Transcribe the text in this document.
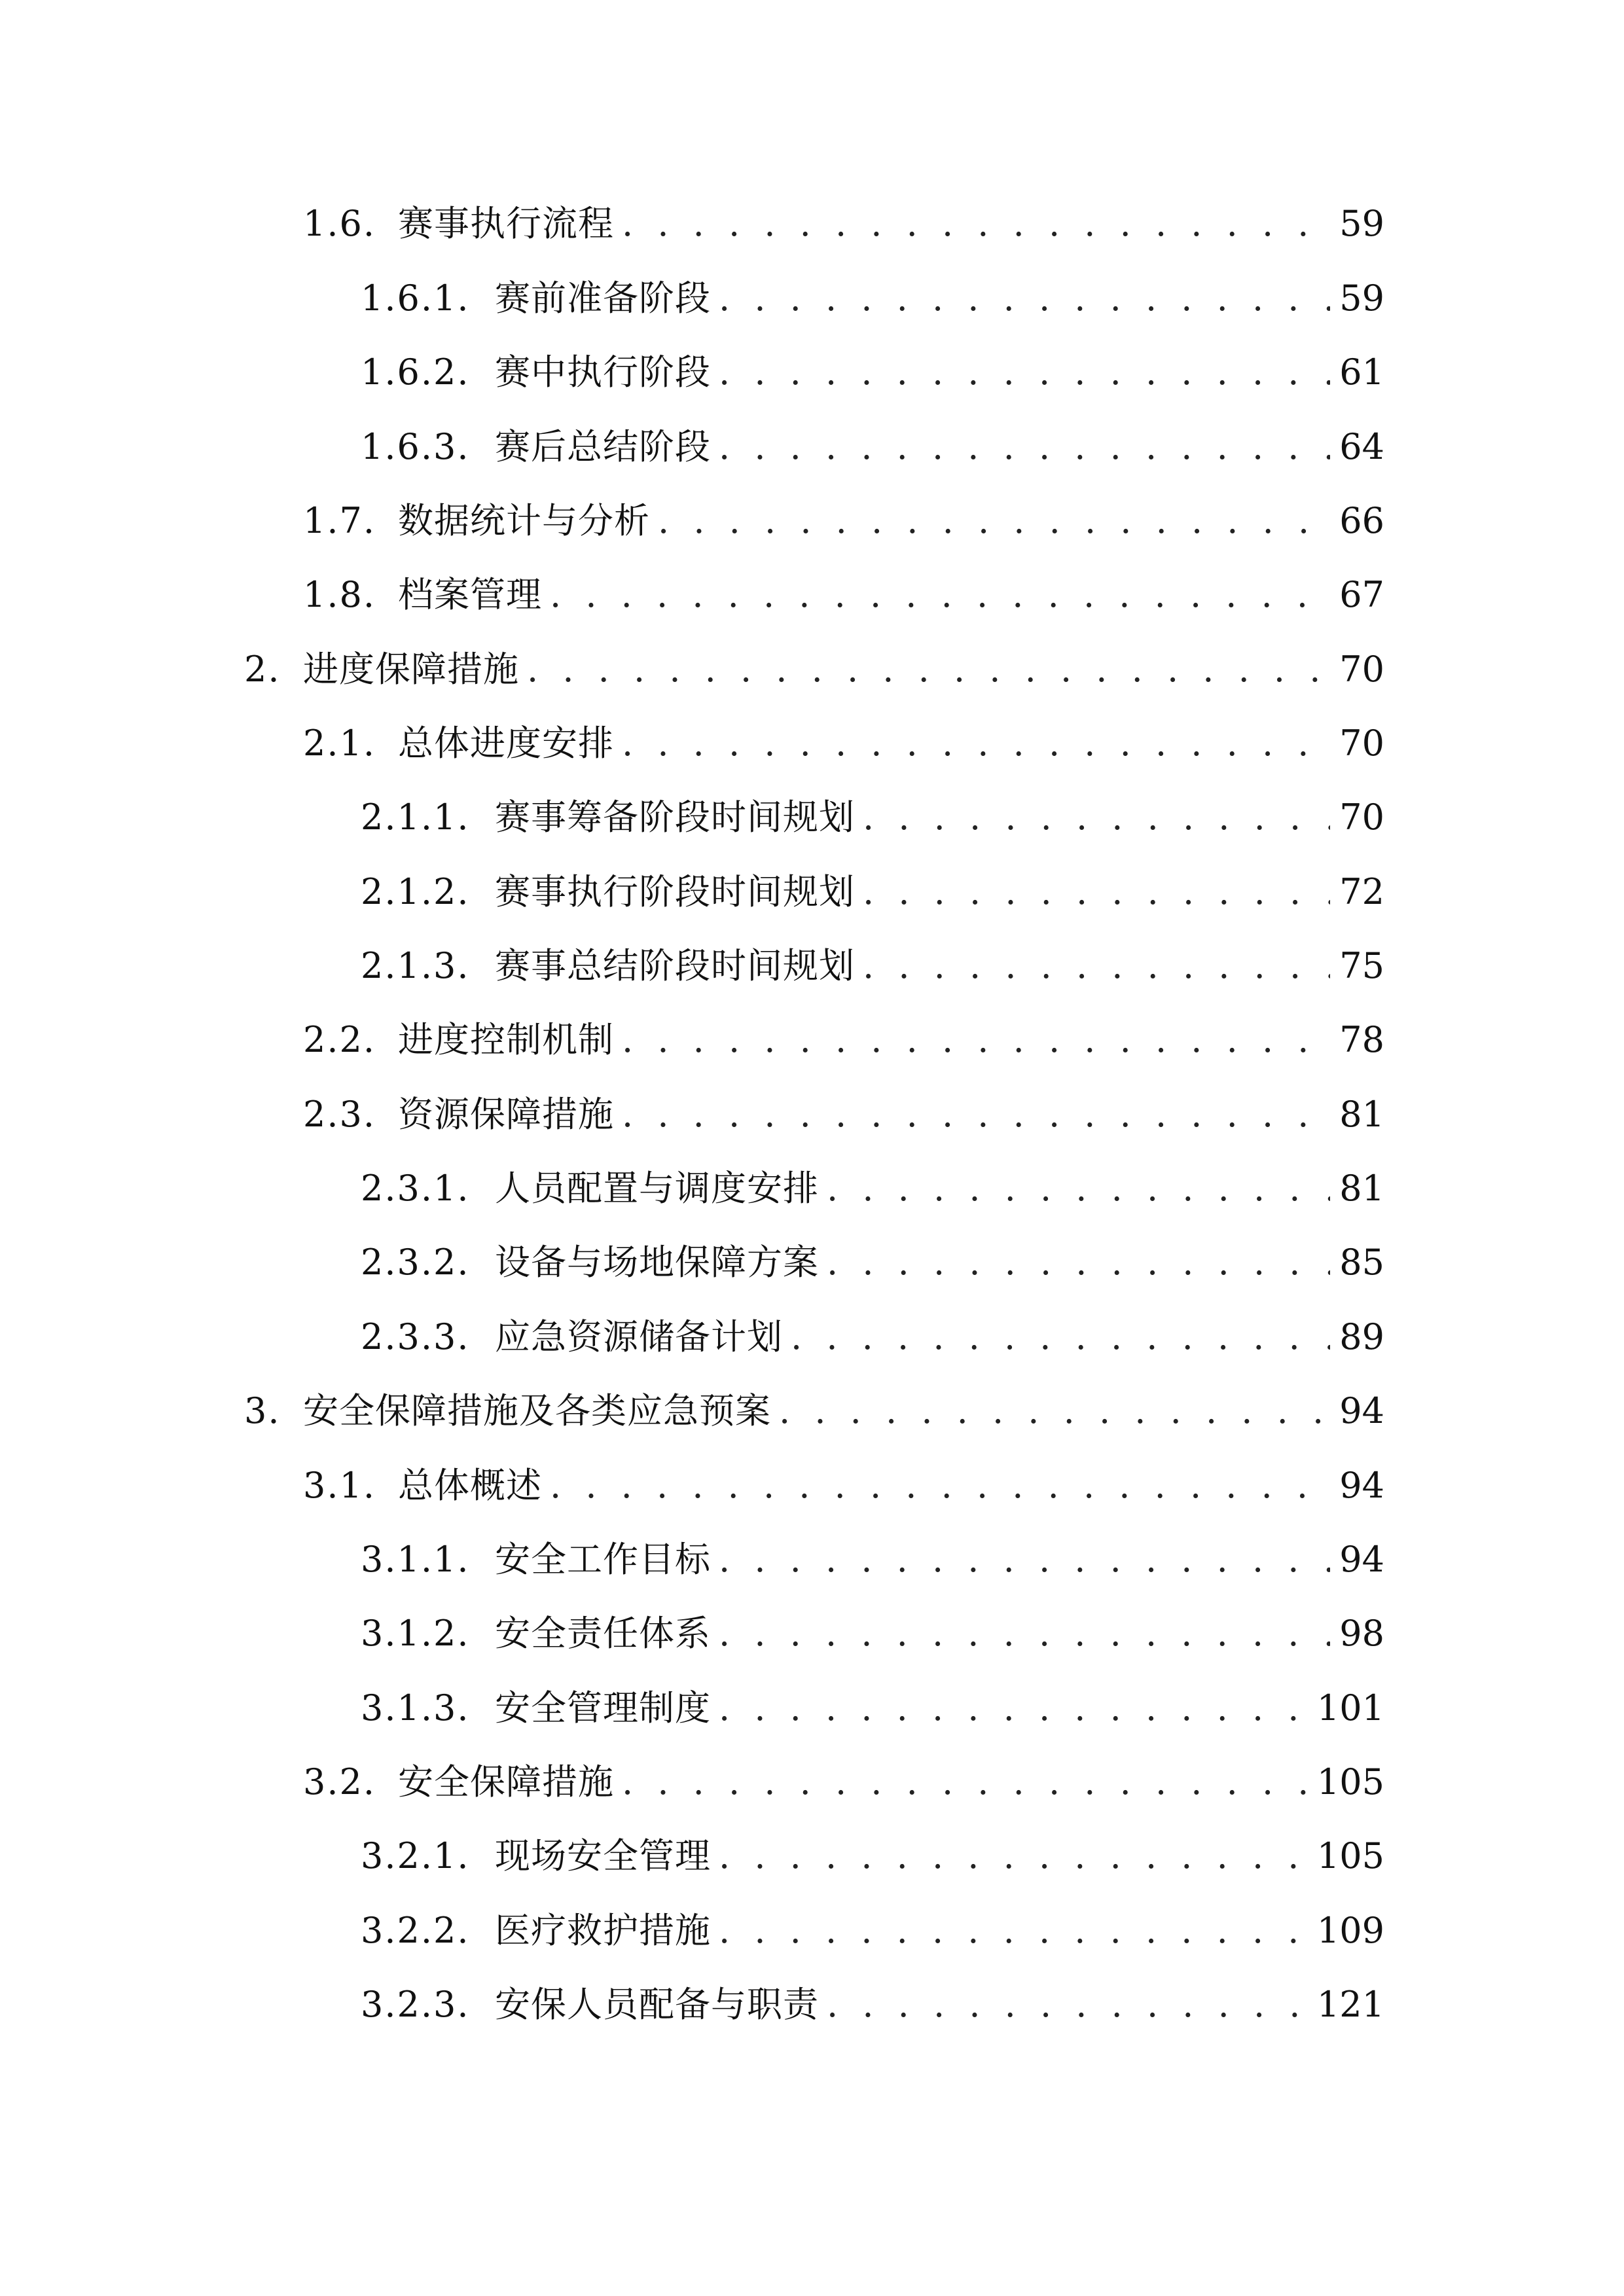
1.6. 赛事执行流程 . . .	59
1.6.1. 赛前准备阶段 . . .	59
1.6.2. 赛中执行阶段 . . .	61
1.6.3. 赛后总结阶段 . . .	64
1.7. 数据统计与分析 . . .	66
1.8. 档案管理 . . .	67
2. 进度保障措施 . . .	70
2.1. 总体进度安排 . . .	70
2.1.1. 赛事筹备阶段时间规划 . . .	70
2.1.2. 赛事执行阶段时间规划 . . .	72
2.1.3. 赛事总结阶段时间规划 . . .	75
2.2. 进度控制机制 . . .	78
2.3. 资源保障措施 . . .	81
2.3.1. 人员配置与调度安排 . . .	81
2.3.2. 设备与场地保障方案 . . .	85
2.3.3. 应急资源储备计划 . . .	89
3. 安全保障措施及各类应急预案 . . .	94
3.1. 总体概述 . . .	94
3.1.1. 安全工作目标 . . .	94
3.1.2. 安全责任体系 . . .	98
3.1.3. 安全管理制度 . . .	101
3.2. 安全保障措施 . . .	105
3.2.1. 现场安全管理 . . .	105
3.2.2. 医疗救护措施 . . .	109
3.2.3. 安保人员配备与职责 . . .	121
